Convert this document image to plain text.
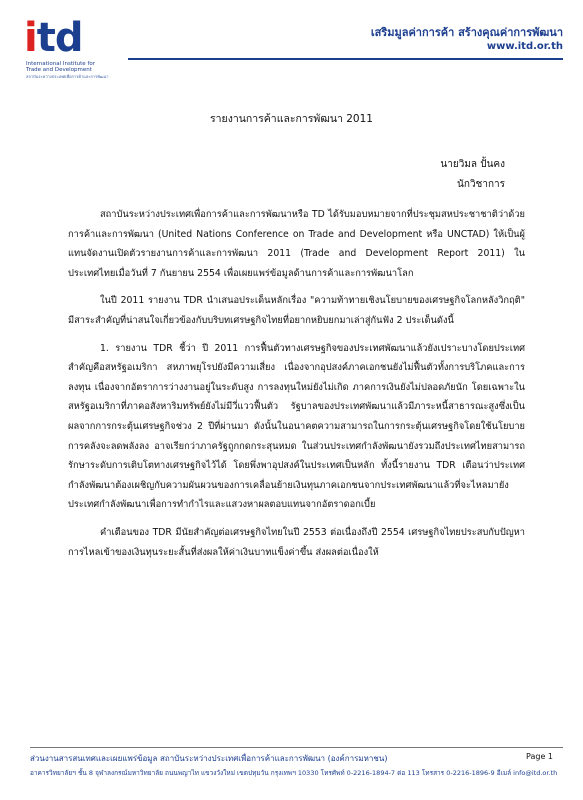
itd
International Institute for
Trade and Development
สถาบันระหว่างประเทศเพื่อการค้าและการพัฒนา
เสริมมูลค่าการค้า สร้างคุณค่าการพัฒนา
www.itd.or.th
รายงานการค้าและการพัฒนา 2011
นายวิมล ปั้นคง
นักวิชาการ

สถาบันระหว่างประเทศเพื่อการค้าและการพัฒนาหรือ TD ได้รับมอบหมายจากที่ประชุมสหประชาชาติว่าด้วยการค้าและการพัฒนา (United Nations Conference on Trade and Development หรือ UNCTAD) ให้เป็นผู้แทนจัดงานเปิดตัวรายงานการค้าและการพัฒนา 2011 (Trade and Development Report 2011) ในประเทศไทยเมื่อวันที่ 7 กันยายน 2554 เพื่อเผยแพร่ข้อมูลด้านการค้าและการพัฒนาโลก

ในปี 2011 รายงาน TDR นำเสนอประเด็นหลักเรื่อง "ความท้าทายเชิงนโยบายของเศรษฐกิจโลกหลังวิกฤติ" มีสาระสำคัญที่น่าสนใจเกี่ยวข้องกับบริบทเศรษฐกิจไทยที่อยากหยิบยกมาเล่าสู่กันฟัง 2 ประเด็นดังนี้

1. รายงาน TDR ชี้ว่า ปี 2011 การฟื้นตัวทางเศรษฐกิจของประเทศพัฒนาแล้วยังเปราะบางโดยประเทศสำคัญคือสหรัฐอเมริกา สหภาพยุโรปยังมีความเสี่ยง เนื่องจากอุปสงค์ภาคเอกชนยังไม่ฟื้นตัวทั้งการบริโภคและการลงทุน เนื่องจากอัตราการว่างงานอยู่ในระดับสูง การลงทุนใหม่ยังไม่เกิด ภาคการเงินยังไม่ปลอดภัยนัก โดยเฉพาะในสหรัฐอเมริกาที่ภาคอสังหาริมทรัพย์ยังไม่มีวี่แววฟื้นตัว รัฐบาลของประเทศพัฒนาแล้วมีภาระหนี้สาธารณะสูงซึ่งเป็นผลจากการกระตุ้นเศรษฐกิจช่วง 2 ปีที่ผ่านมา ดังนั้นในอนาคตความสามารถในการกระตุ้นเศรษฐกิจโดยใช้นโยบายการคลังจะลดพลังลง อาจเรียกว่าภาครัฐถูกกดกระสุนหมด ในส่วนประเทศกำลังพัฒนายังรวมถึงประเทศไทยสามารถรักษาระดับการเติบโตทางเศรษฐกิจไว้ได้ โดยพึ่งพาอุปสงค์ในประเทศเป็นหลัก ทั้งนี้รายงาน TDR เตือนว่าประเทศกำลังพัฒนาต้องเผชิญกับความผันผวนของการเคลื่อนย้ายเงินทุนภาคเอกชนจากประเทศพัฒนาแล้วที่จะไหลมายังประเทศกำลังพัฒนาเพื่อการทำกำไรและแสวงหาผลตอบแทนจากอัตราดอกเบี้ย

คำเตือนของ TDR มีนัยสำคัญต่อเศรษฐกิจไทยในปี 2553 ต่อเนื่องถึงปี 2554 เศรษฐกิจไทยประสบกับปัญหาการไหลเข้าของเงินทุนระยะสั้นที่ส่งผลให้ค่าเงินบาทแข็งค่าขึ้น ส่งผลต่อเนื่องให้

ส่วนงานสารสนเทศและเผยแพร่ข้อมูล สถาบันระหว่างประเทศเพื่อการค้าและการพัฒนา (องค์การมหาชน)	Page 1
อาคารวิทยาลัยฯ ชั้น 8 จุฬาลงกรณ์มหาวิทยาลัย ถนนพญาไท แขวงวังใหม่ เขตปทุมวัน กรุงเทพฯ 10330 โทรศัพท์ 0-2216-1894-7 ต่อ 113 โทรสาร 0-2216-1896-9 อีเมล์ info@itd.or.th
